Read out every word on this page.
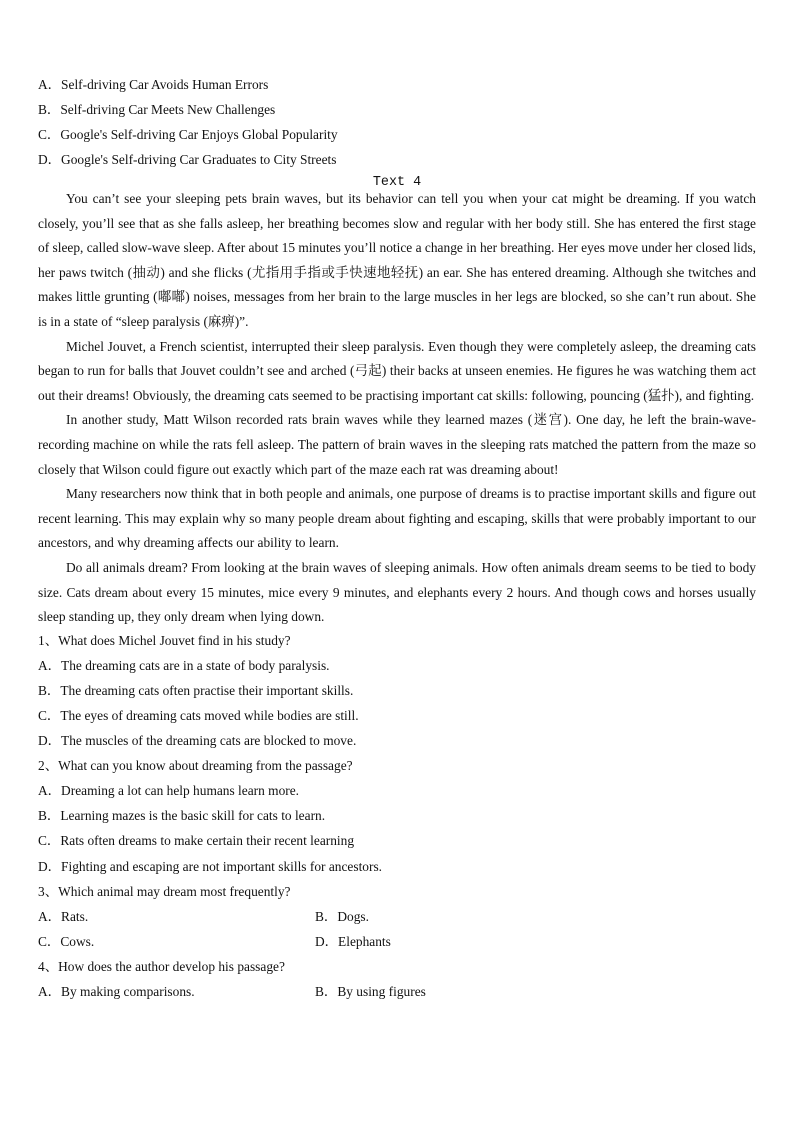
A．Self-driving Car Avoids Human Errors
B．Self-driving Car Meets New Challenges
C．Google's Self-driving Car Enjoys Global Popularity
D．Google's Self-driving Car Graduates to City Streets
Text 4

You can’t see your sleeping pets brain waves, but its behavior can tell you when your cat might be dreaming. If you watch closely, you’ll see that as she falls asleep, her breathing becomes slow and regular with her body still. She has entered the first stage of sleep, called slow-wave sleep. After about 15 minutes you’ll notice a change in her breathing. Her eyes move under her closed lids, her paws twitch (抽动) and she flicks (尤指用手指或手快速地轻抚) an ear. She has entered dreaming. Although she twitches and makes little grunting (嘟嘟) noises, messages from her brain to the large muscles in her legs are blocked, so she can’t run about. She is in a state of “sleep paralysis (麻痹)”.

Michel Jouvet, a French scientist, interrupted their sleep paralysis. Even though they were completely asleep, the dreaming cats began to run for balls that Jouvet couldn’t see and arched (弓起) their backs at unseen enemies. He figures he was watching them act out their dreams! Obviously, the dreaming cats seemed to be practising important cat skills: following, pouncing (猛扑), and fighting.

In another study, Matt Wilson recorded rats brain waves while they learned mazes (迷宫). One day, he left the brain-wave-recording machine on while the rats fell asleep. The pattern of brain waves in the sleeping rats matched the pattern from the maze so closely that Wilson could figure out exactly which part of the maze each rat was dreaming about!

Many researchers now think that in both people and animals, one purpose of dreams is to practise important skills and figure out recent learning. This may explain why so many people dream about fighting and escaping, skills that were probably important to our ancestors, and why dreaming affects our ability to learn.

Do all animals dream? From looking at the brain waves of sleeping animals. How often animals dream seems to be tied to body size. Cats dream about every 15 minutes, mice every 9 minutes, and elephants every 2 hours. And though cows and horses usually sleep standing up, they only dream when lying down.

1、What does Michel Jouvet find in his study?
A．The dreaming cats are in a state of body paralysis.
B．The dreaming cats often practise their important skills.
C．The eyes of dreaming cats moved while bodies are still.
D．The muscles of the dreaming cats are blocked to move.
2、What can you know about dreaming from the passage?
A．Dreaming a lot can help humans learn more.
B．Learning mazes is the basic skill for cats to learn.
C．Rats often dreams to make certain their recent learning
D．Fighting and escaping are not important skills for ancestors.
3、Which animal may dream most frequently?
A．Rats.	B．Dogs.
C．Cows.	D．Elephants
4、How does the author develop his passage?
A．By making comparisons.	B．By using figures
